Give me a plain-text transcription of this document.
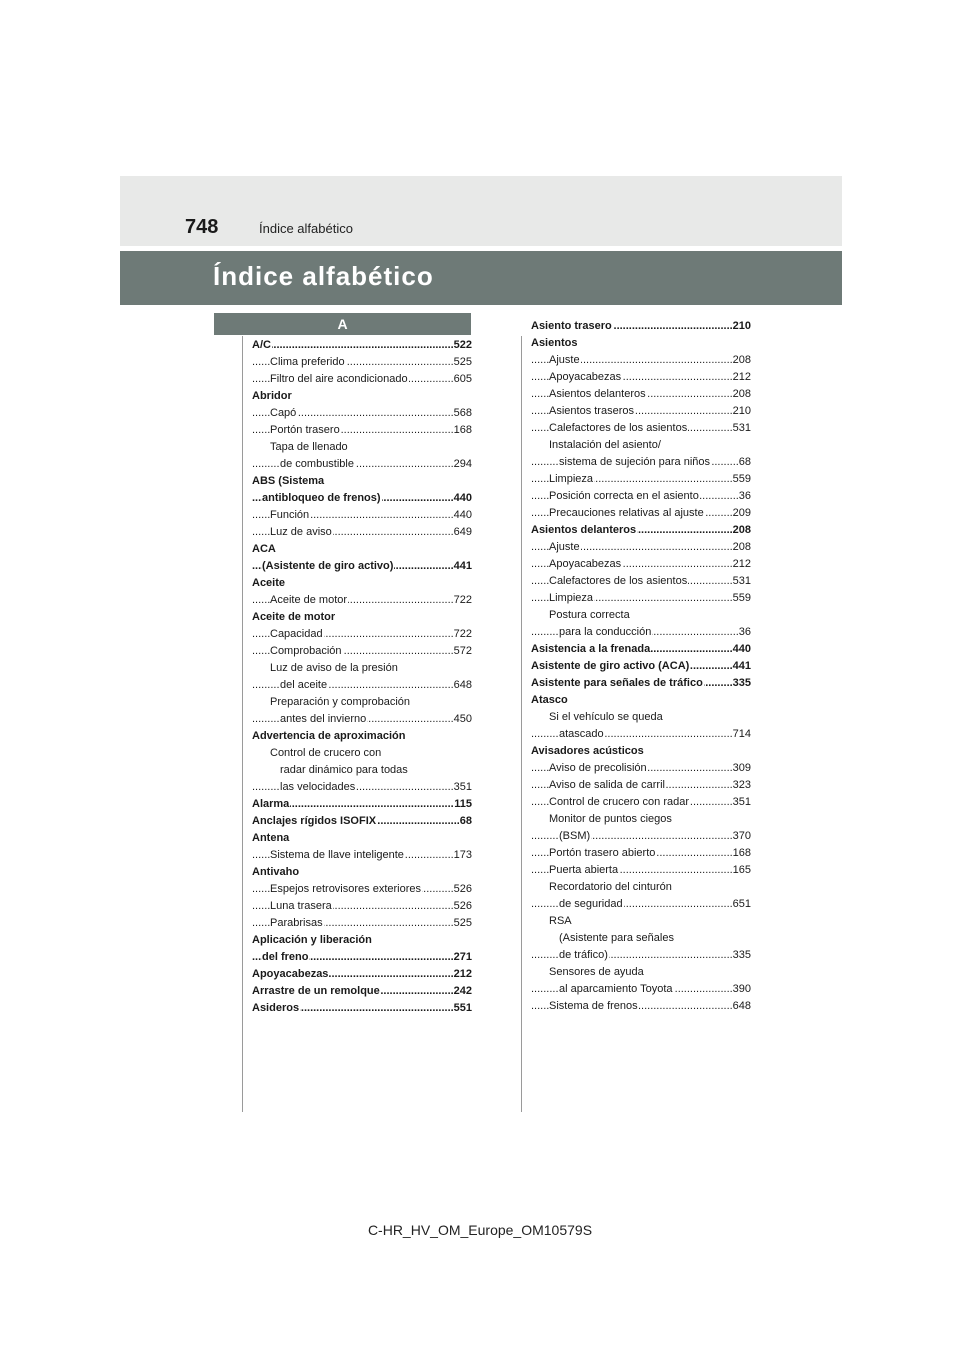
748	Índice alfabético
Índice alfabético
A
..... A/C	522
..... Clima preferido	525
..... Filtro del aire acondicionado	605
Abridor
..... Capó	568
..... Portón trasero	168
Tapa de llenado
..... de combustible	294
ABS (Sistema
..... antibloqueo de frenos)	440
..... Función	440
..... Luz de aviso	649
ACA
..... (Asistente de giro activo)	441
Aceite
..... Aceite de motor	722
Aceite de motor
..... Capacidad	722
..... Comprobación	572
Luz de aviso de la presión
..... del aceite	648
Preparación y comprobación
..... antes del invierno	450
Advertencia de aproximación
Control de crucero con
radar dinámico para todas
..... las velocidades	351
..... Alarma	115
..... Anclajes rígidos ISOFIX	68
Antena
..... Sistema de llave inteligente	173
Antivaho
..... Espejos retrovisores exteriores	526
..... Luna trasera	526
..... Parabrisas	525
Aplicación y liberación
..... del freno	271
..... Apoyacabezas	212
..... Arrastre de un remolque	242
..... Asideros	551
..... Asiento trasero	210
Asientos
..... Ajuste	208
..... Apoyacabezas	212
..... Asientos delanteros	208
..... Asientos traseros	210
..... Calefactores de los asientos	531
Instalación del asiento/
..... sistema de sujeción para niños	68
..... Limpieza	559
..... Posición correcta en el asiento	36
..... Precauciones relativas al ajuste	209
..... Asientos delanteros	208
..... Ajuste	208
..... Apoyacabezas	212
..... Calefactores de los asientos	531
..... Limpieza	559
Postura correcta
..... para la conducción	36
..... Asistencia a la frenada	440
..... Asistente de giro activo (ACA)	441
..... Asistente para señales de tráfico	335
Atasco
Si el vehículo se queda
..... atascado	714
Avisadores acústicos
..... Aviso de precolisión	309
..... Aviso de salida de carril	323
..... Control de crucero con radar	351
Monitor de puntos ciegos
..... (BSM)	370
..... Portón trasero abierto	168
..... Puerta abierta	165
Recordatorio del cinturón
..... de seguridad	651
RSA
(Asistente para señales
..... de tráfico)	335
Sensores de ayuda
..... al aparcamiento Toyota	390
..... Sistema de frenos	648
C-HR_HV_OM_Europe_OM10579S
